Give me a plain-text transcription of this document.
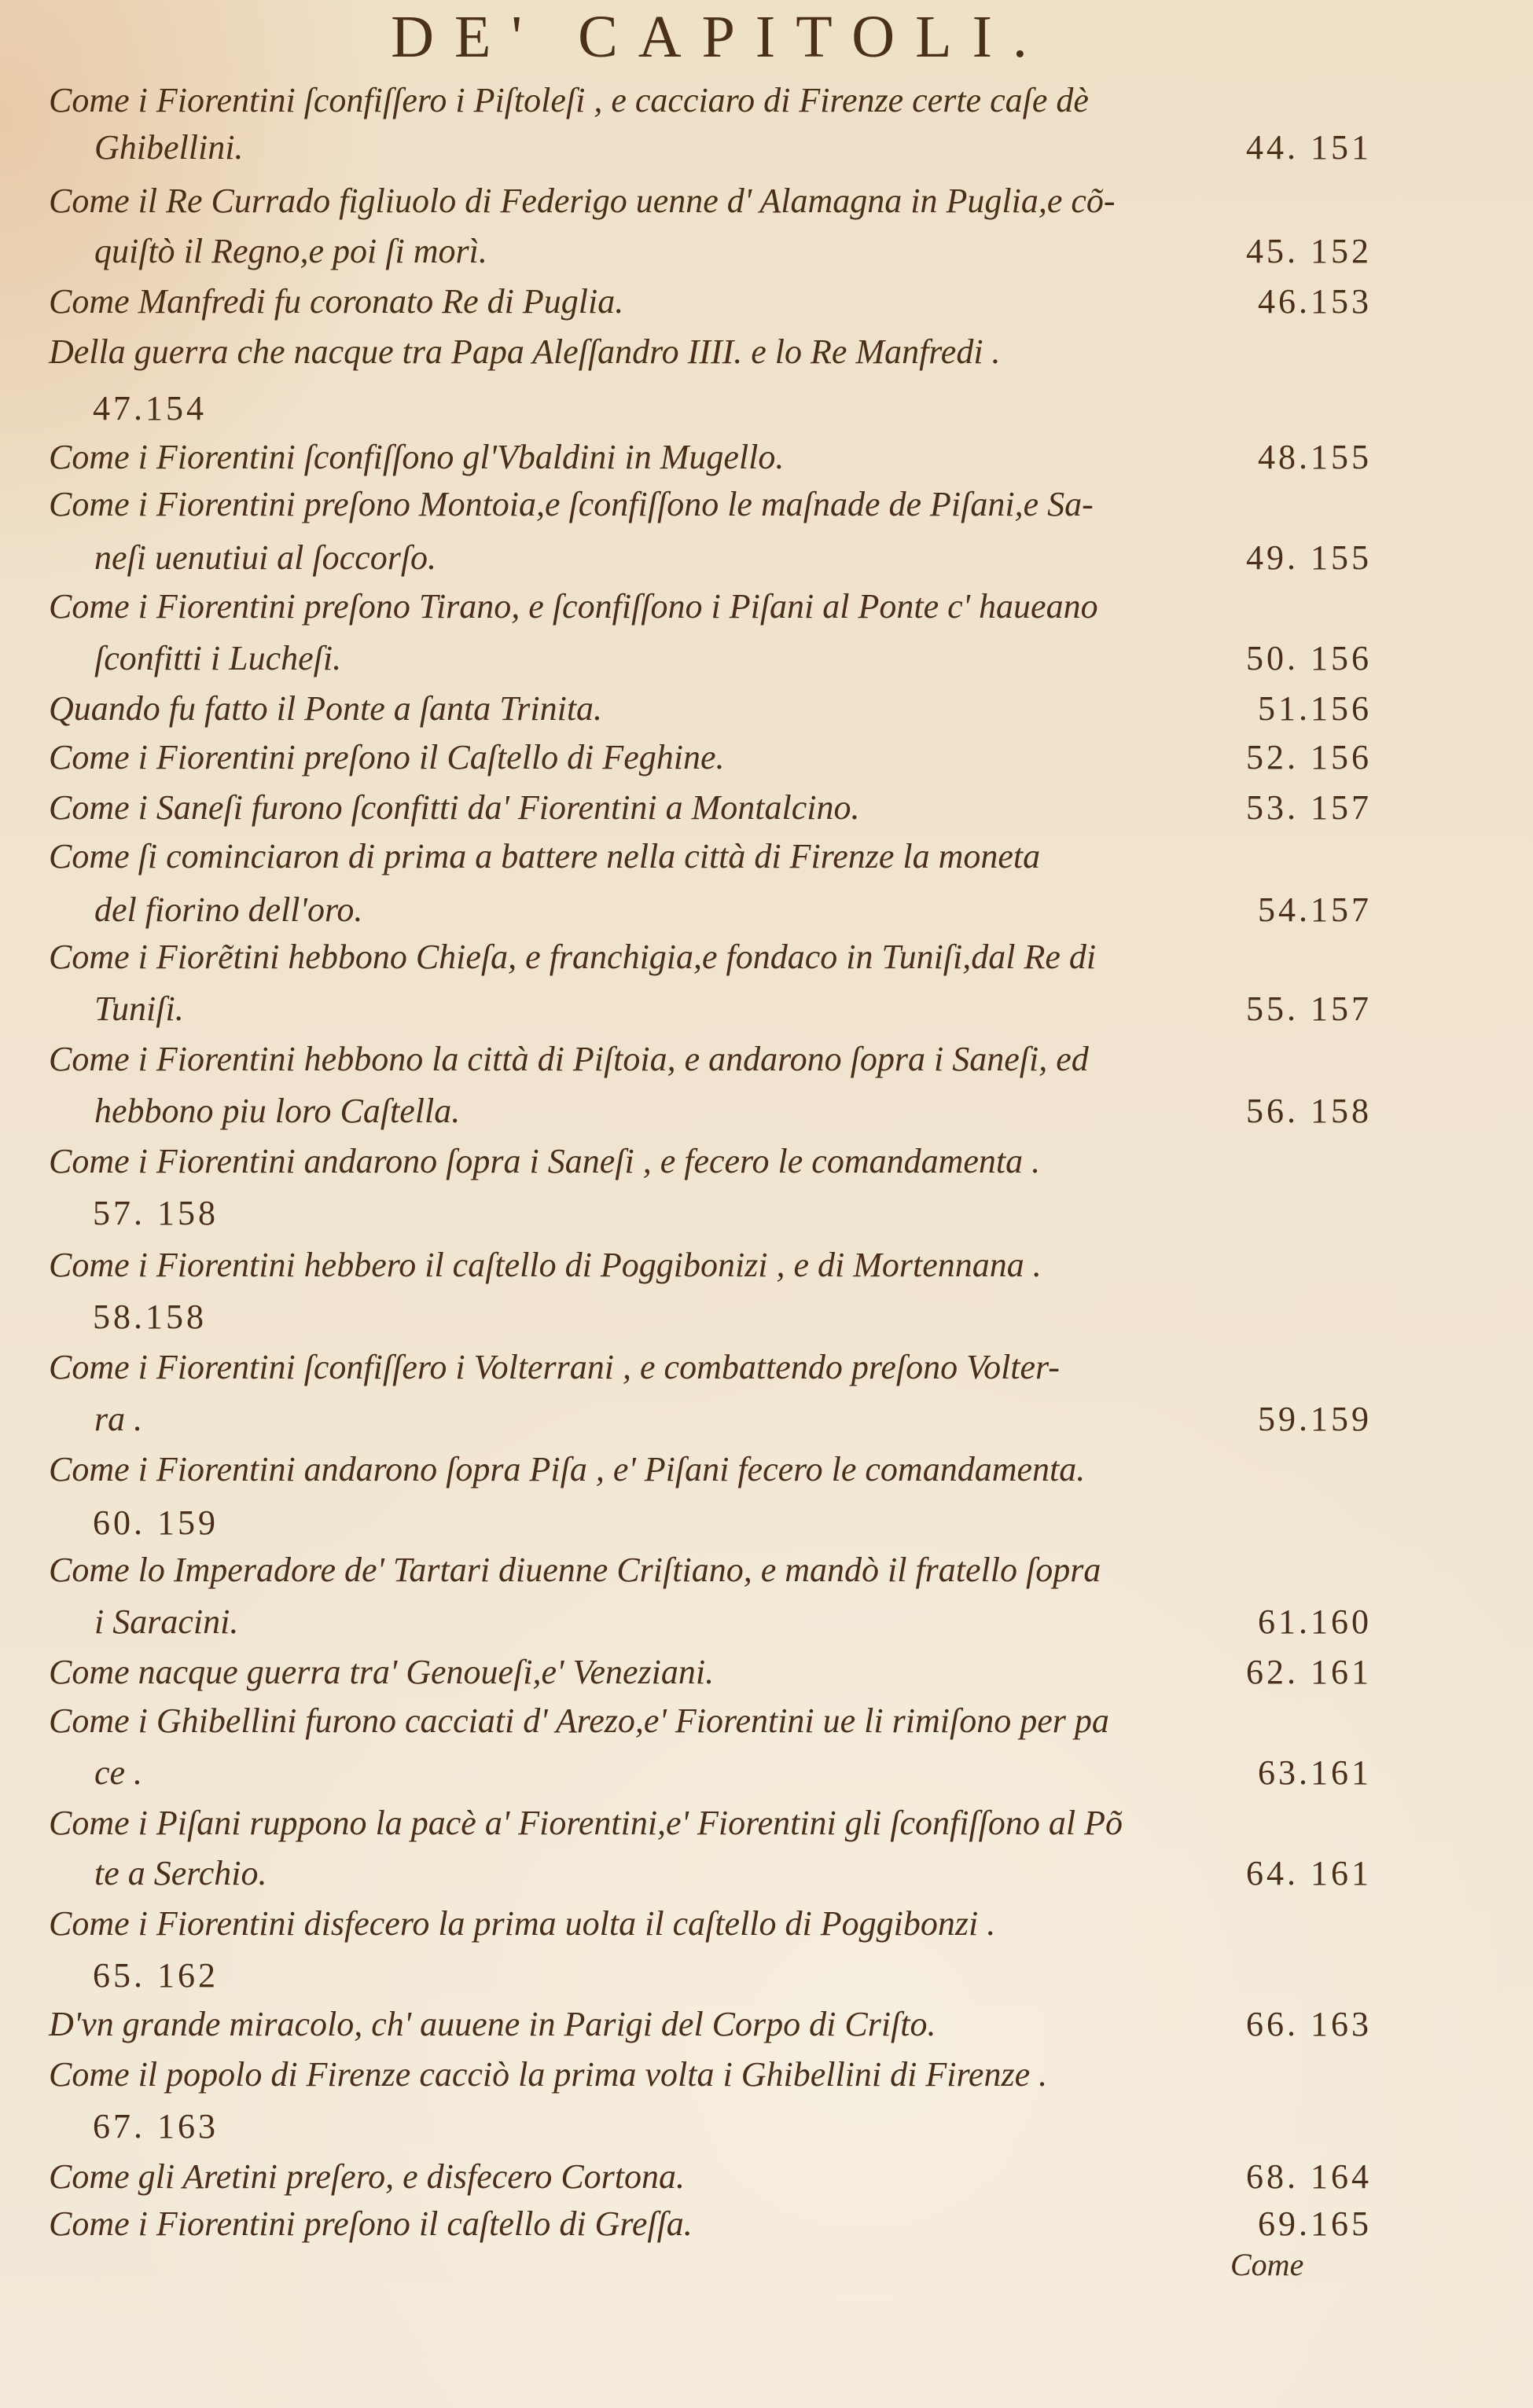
DE' CAPITOLI.
Come i Fiorentini ſconfiſſero i Piſtoleſi , e cacciaro di Firenze certe caſe dè
Ghibellini.	44. 151
Come il Re Currado figliuolo di Federigo uenne d' Alamagna in Puglia,e cõ-
quiſtò il Regno,e poi ſi morì.	45. 152
Come Manfredi fu coronato Re di Puglia.	46.153
Della guerra che nacque tra Papa Aleſſandro IIII. e lo Re Manfredi .
47.154
Come i Fiorentini ſconfiſſono gl'Vbaldini in Mugello.	48.155
Come i Fiorentini preſono Montoia,e ſconfiſſono le maſnade de Piſani,e Sa-
neſi uenutiui al ſoccorſo.	49. 155
Come i Fiorentini preſono Tirano, e ſconfiſſono i Piſani al Ponte c' haueano
ſconfitti i Lucheſi.	50. 156
Quando fu fatto il Ponte a ſanta Trinita.	51.156
Come i Fiorentini preſono il Caſtello di Feghine.	52. 156
Come i Saneſi furono ſconfitti da' Fiorentini a Montalcino.	53. 157
Come ſi cominciaron di prima a battere nella città di Firenze la moneta
del fiorino dell'oro.	54.157
Come i Fiorẽtini hebbono Chieſa, e franchigia,e fondaco in Tuniſi,dal Re di
Tuniſi.	55. 157
Come i Fiorentini hebbono la città di Piſtoia, e andarono ſopra i Saneſi, ed
hebbono piu loro Caſtella.	56. 158
Come i Fiorentini andarono ſopra i Saneſi , e fecero le comandamenta .
57. 158
Come i Fiorentini hebbero il caſtello di Poggibonizi , e di Mortennana .
58.158
Come i Fiorentini ſconfiſſero i Volterrani , e combattendo preſono Volter-
ra .	59.159
Come i Fiorentini andarono ſopra Piſa , e' Piſani fecero le comandamenta.
60. 159
Come lo Imperadore de' Tartari diuenne Criſtiano, e mandò il fratello ſopra
i Saracini.	61.160
Come nacque guerra tra' Genoueſi,e' Veneziani.	62. 161
Come i Ghibellini furono cacciati d' Arezo,e' Fiorentini ue li rimiſono per pa
ce .	63.161
Come i Piſani ruppono la pacè a' Fiorentini,e' Fiorentini gli ſconfiſſono al Põ
te a Serchio.	64. 161
Come i Fiorentini disfecero la prima uolta il caſtello di Poggibonzi .
65. 162
D'vn grande miracolo, ch' auuene in Parigi del Corpo di Criſto.	66. 163
Come il popolo di Firenze cacciò la prima volta i Ghibellini di Firenze .
67. 163
Come gli Aretini preſero, e disfecero Cortona.	68. 164
Come i Fiorentini preſono il caſtello di Greſſa.	69.165
Come
